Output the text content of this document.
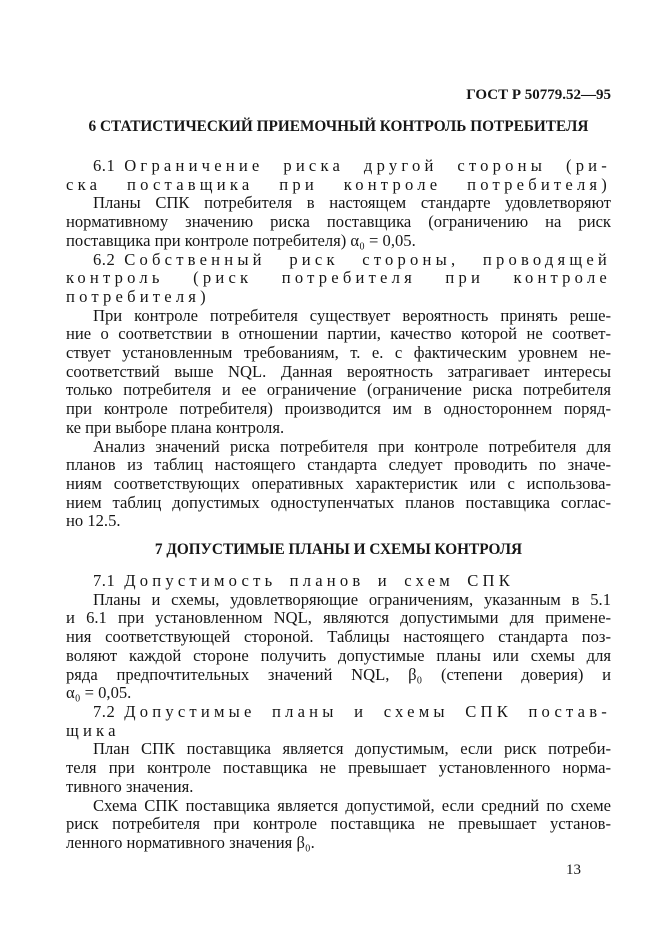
ГОСТ Р 50779.52—95
6 СТАТИСТИЧЕСКИЙ ПРИЕМОЧНЫЙ КОНТРОЛЬ ПОТРЕБИТЕЛЯ
6.1 Ограничение риска другой стороны (ри-
ска поставщика при контроле потребителя)
Планы СПК потребителя в настоящем стандарте удовлетворяют
нормативному значению риска поставщика (ограничению на риск
поставщика при контроле потребителя) α₀ = 0,05.
6.2 Собственный риск стороны, проводящей
контроль (риск потребителя при контроле
потребителя)
При контроле потребителя существует вероятность принять реше-
ние о соответствии в отношении партии, качество которой не соответ-
ствует установленным требованиям, т. е. с фактическим уровнем не-
соответствий выше NQL. Данная вероятность затрагивает интересы
только потребителя и ее ограничение (ограничение риска потребителя
при контроле потребителя) производится им в одностороннем поряд-
ке при выборе плана контроля.
Анализ значений риска потребителя при контроле потребителя для
планов из таблиц настоящего стандарта следует проводить по значе-
ниям соответствующих оперативных характеристик или с использова-
нием таблиц допустимых одноступенчатых планов поставщика соглас-
но 12.5.
7 ДОПУСТИМЫЕ ПЛАНЫ И СХЕМЫ КОНТРОЛЯ
7.1 Допустимость планов и схем СПК
Планы и схемы, удовлетворяющие ограничениям, указанным в 5.1
и 6.1 при установленном NQL, являются допустимыми для примене-
ния соответствующей стороной. Таблицы настоящего стандарта поз-
воляют каждой стороне получить допустимые планы или схемы для
ряда предпочтительных значений NQL, β₀ (степени доверия) и
α₀ = 0,05.
7.2 Допустимые планы и схемы СПК постав-
щика
План СПК поставщика является допустимым, если риск потреби-
теля при контроле поставщика не превышает установленного норма-
тивного значения.
Схема СПК поставщика является допустимой, если средний по схеме
риск потребителя при контроле поставщика не превышает установ-
ленного нормативного значения β₀.
13
